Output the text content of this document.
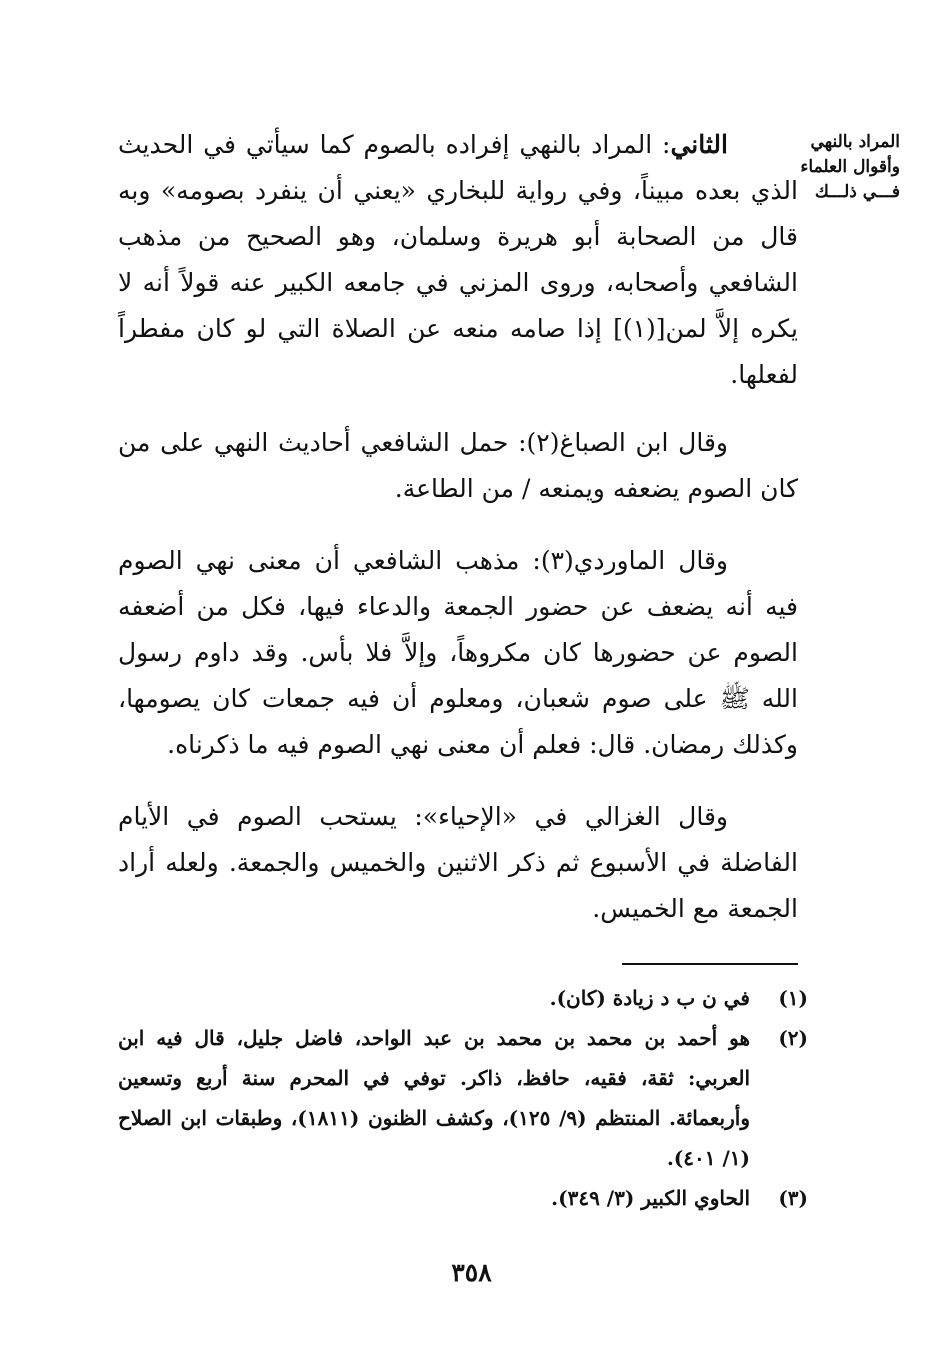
المراد بالنهي
وأقوال العلماء
فـــي ذلـــك

الثاني: المراد بالنهي إفراده بالصوم كما سيأتي في الحديث الذي بعده مبيناً، وفي رواية للبخاري «يعني أن ينفرد بصومه» وبه قال من الصحابة أبو هريرة وسلمان، وهو الصحيح من مذهب الشافعي وأصحابه، وروى المزني في جامعه الكبير عنه قولاً أنه لا يكره إلاَّ لمن[(١)] إذا صامه منعه عن الصلاة التي لو كان مفطراً لفعلها.

وقال ابن الصباغ(٢): حمل الشافعي أحاديث النهي على من كان الصوم يضعفه ويمنعه / من الطاعة.

وقال الماوردي(٣): مذهب الشافعي أن معنى نهي الصوم فيه أنه يضعف عن حضور الجمعة والدعاء فيها، فكل من أضعفه الصوم عن حضورها كان مكروهاً، وإلاَّ فلا بأس. وقد داوم رسول الله ﷺ على صوم شعبان، ومعلوم أن فيه جمعات كان يصومها، وكذلك رمضان. قال: فعلم أن معنى نهي الصوم فيه ما ذكرناه.

وقال الغزالي في «الإحياء»: يستحب الصوم في الأيام الفاضلة في الأسبوع ثم ذكر الاثنين والخميس والجمعة. ولعله أراد الجمعة مع الخميس.

(١)
في ن ب د زيادة (كان).
(٢)
هو أحمد بن محمد بن محمد بن عبد الواحد، فاضل جليل، قال فيه ابن العربي: ثقة، فقيه، حافظ، ذاكر. توفي في المحرم سنة أربع وتسعين وأربعمائة. المنتظم (٩/ ١٢٥)، وكشف الظنون (١٨١١)، وطبقات ابن الصلاح (١/ ٤٠١).
(٣)
الحاوي الكبير (٣/ ٣٤٩).
٣٥٨
